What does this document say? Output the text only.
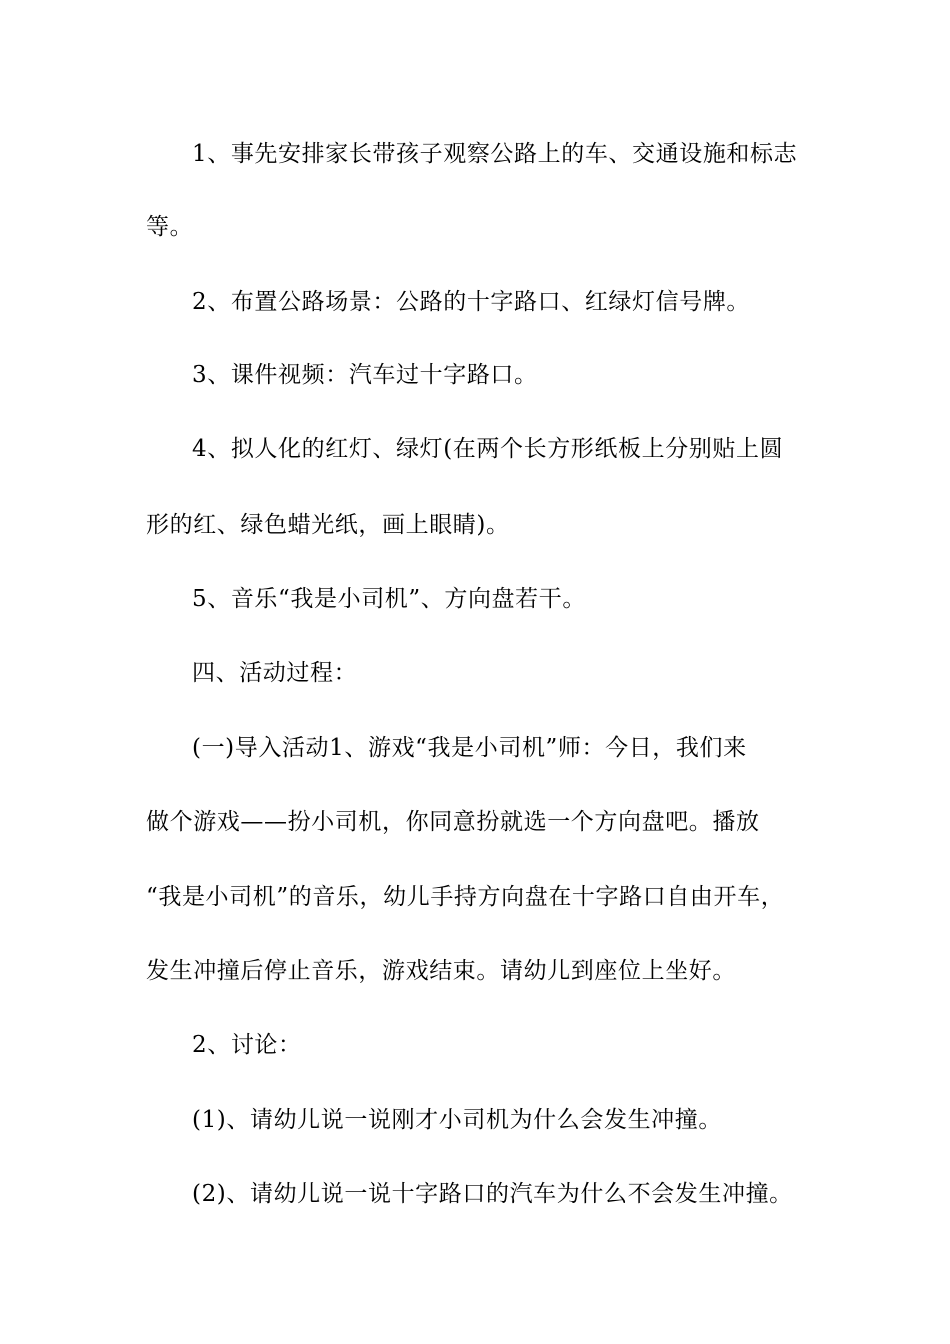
1、事先安排家长带孩子观察公路上的车、交通设施和标志
等。
2、布置公路场景：公路的十字路口、红绿灯信号牌。
3、课件视频：汽车过十字路口。
4、拟人化的红灯、绿灯(在两个长方形纸板上分别贴上圆
形的红、绿色蜡光纸，画上眼睛)。
5、音乐“我是小司机”、方向盘若干。
四、活动过程：
(一)导入活动1、游戏“我是小司机”师：今日，我们来
做个游戏——扮小司机，你同意扮就选一个方向盘吧。播放
“我是小司机”的音乐，幼儿手持方向盘在十字路口自由开车，
发生冲撞后停止音乐，游戏结束。请幼儿到座位上坐好。
2、讨论：
(1)、请幼儿说一说刚才小司机为什么会发生冲撞。
(2)、请幼儿说一说十字路口的汽车为什么不会发生冲撞。
